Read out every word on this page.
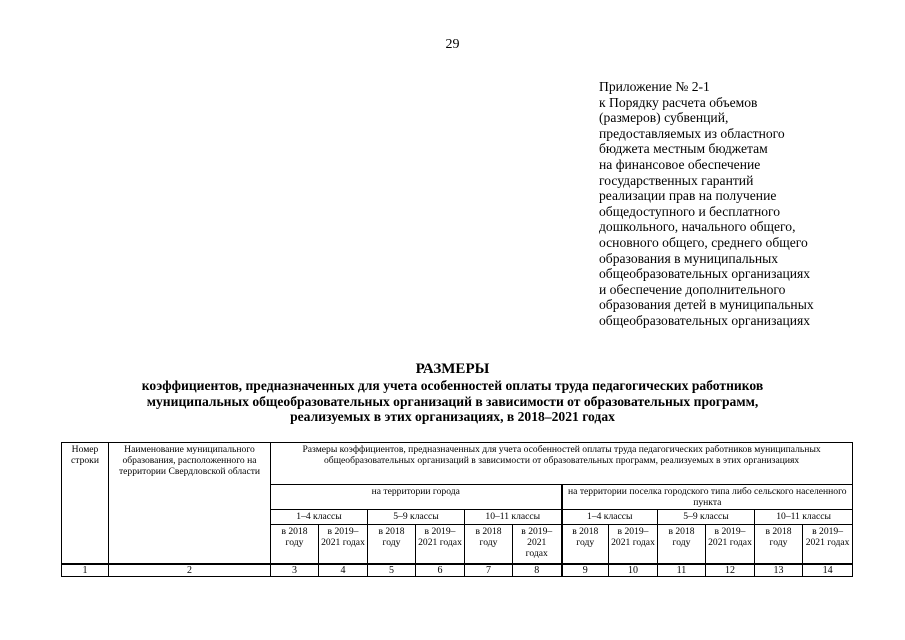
29
Приложение № 2-1
к Порядку расчета объемов
(размеров) субвенций,
предоставляемых из областного
бюджета местным бюджетам
на финансовое обеспечение
государственных гарантий
реализации прав на получение
общедоступного и бесплатного
дошкольного, начального общего,
основного общего, среднего общего
образования в муниципальных
общеобразовательных организациях
и обеспечение дополнительного
образования детей в муниципальных
общеобразовательных организациях
РАЗМЕРЫ
коэффициентов, предназначенных для учета особенностей оплаты труда педагогических работников
муниципальных общеобразовательных организаций в зависимости от образовательных программ,
реализуемых в этих организациях, в 2018–2021 годах
Номер строки	Наименование муниципального образования, расположенного на территории Свердловской области	Размеры коэффициентов, предназначенных для учета особенностей оплаты труда педагогических работников муниципальных общеобразовательных организаций в зависимости от образовательных программ, реализуемых в этих организациях											
		на территории города						на территории поселка городского типа либо сельского населенного пункта					
		1–4 классы		5–9 классы		10–11 классы		1–4 классы		5–9 классы		10–11 классы	
		в 2018 году	в 2019–2021 годах	в 2018 году	в 2019–2021 годах	в 2018 году	в 2019–2021 годах	в 2018 году	в 2019–2021 годах	в 2018 году	в 2019–2021 годах	в 2018 году	в 2019–2021 годах
1	2	3	4	5	6	7	8	9	10	11	12	13	14
